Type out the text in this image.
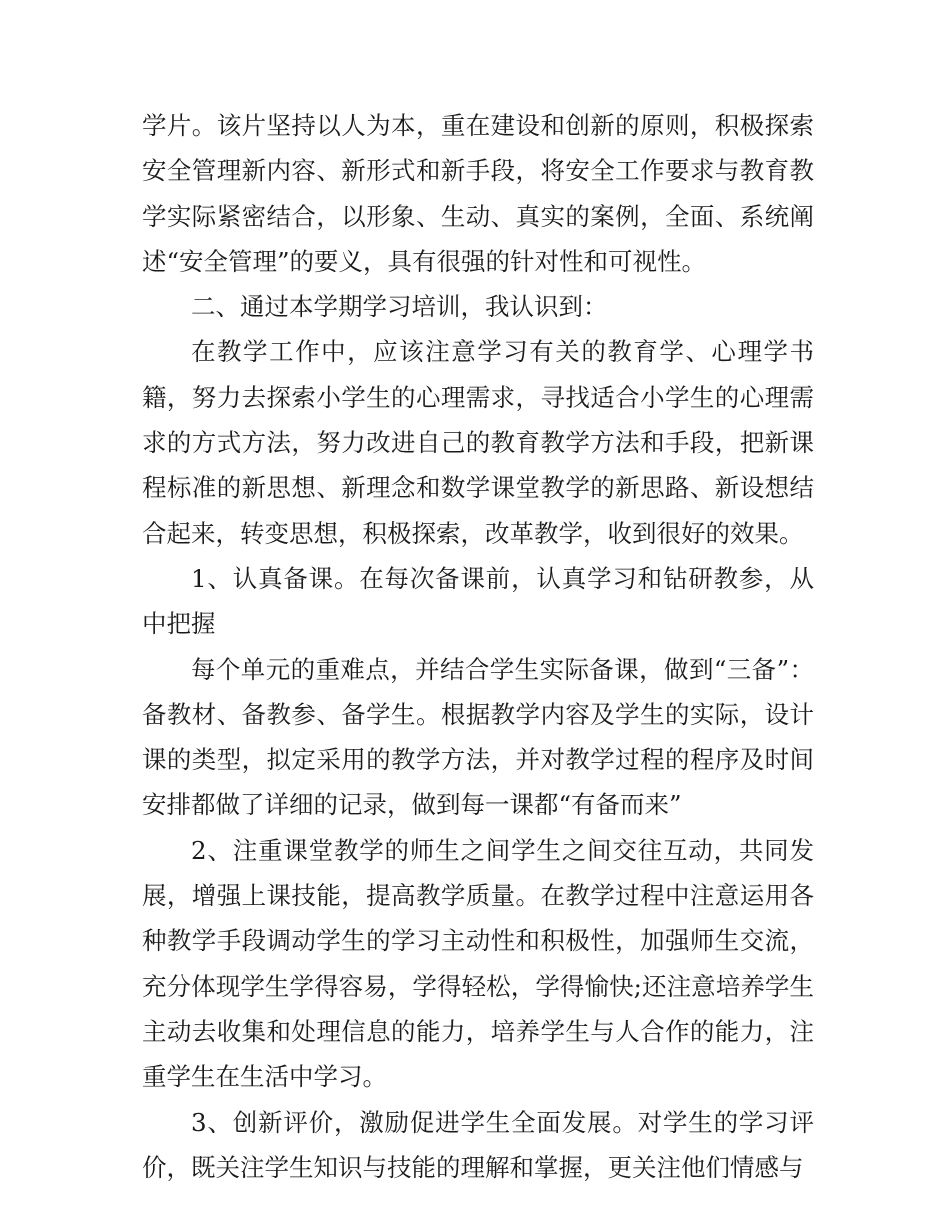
学片。该片坚持以人为本，重在建设和创新的原则，积极探索安全管理新内容、新形式和新手段，将安全工作要求与教育教学实际紧密结合，以形象、生动、真实的案例，全面、系统阐述“安全管理”的要义，具有很强的针对性和可视性。

二、通过本学期学习培训，我认识到：

在教学工作中，应该注意学习有关的教育学、心理学书籍，努力去探索小学生的心理需求，寻找适合小学生的心理需求的方式方法，努力改进自己的教育教学方法和手段，把新课程标准的新思想、新理念和数学课堂教学的新思路、新设想结合起来，转变思想，积极探索，改革教学，收到很好的效果。

1、认真备课。在每次备课前，认真学习和钻研教参，从中把握

每个单元的重难点，并结合学生实际备课，做到“三备”：备教材、备教参、备学生。根据教学内容及学生的实际，设计课的类型，拟定采用的教学方法，并对教学过程的程序及时间安排都做了详细的记录，做到每一课都“有备而来”

2、注重课堂教学的师生之间学生之间交往互动，共同发展，增强上课技能，提高教学质量。在教学过程中注意运用各种教学手段调动学生的学习主动性和积极性，加强师生交流，充分体现学生学得容易，学得轻松，学得愉快;还注意培养学生主动去收集和处理信息的能力，培养学生与人合作的能力，注重学生在生活中学习。

3、创新评价，激励促进学生全面发展。对学生的学习评价，既关注学生知识与技能的理解和掌握，更关注他们情感与
